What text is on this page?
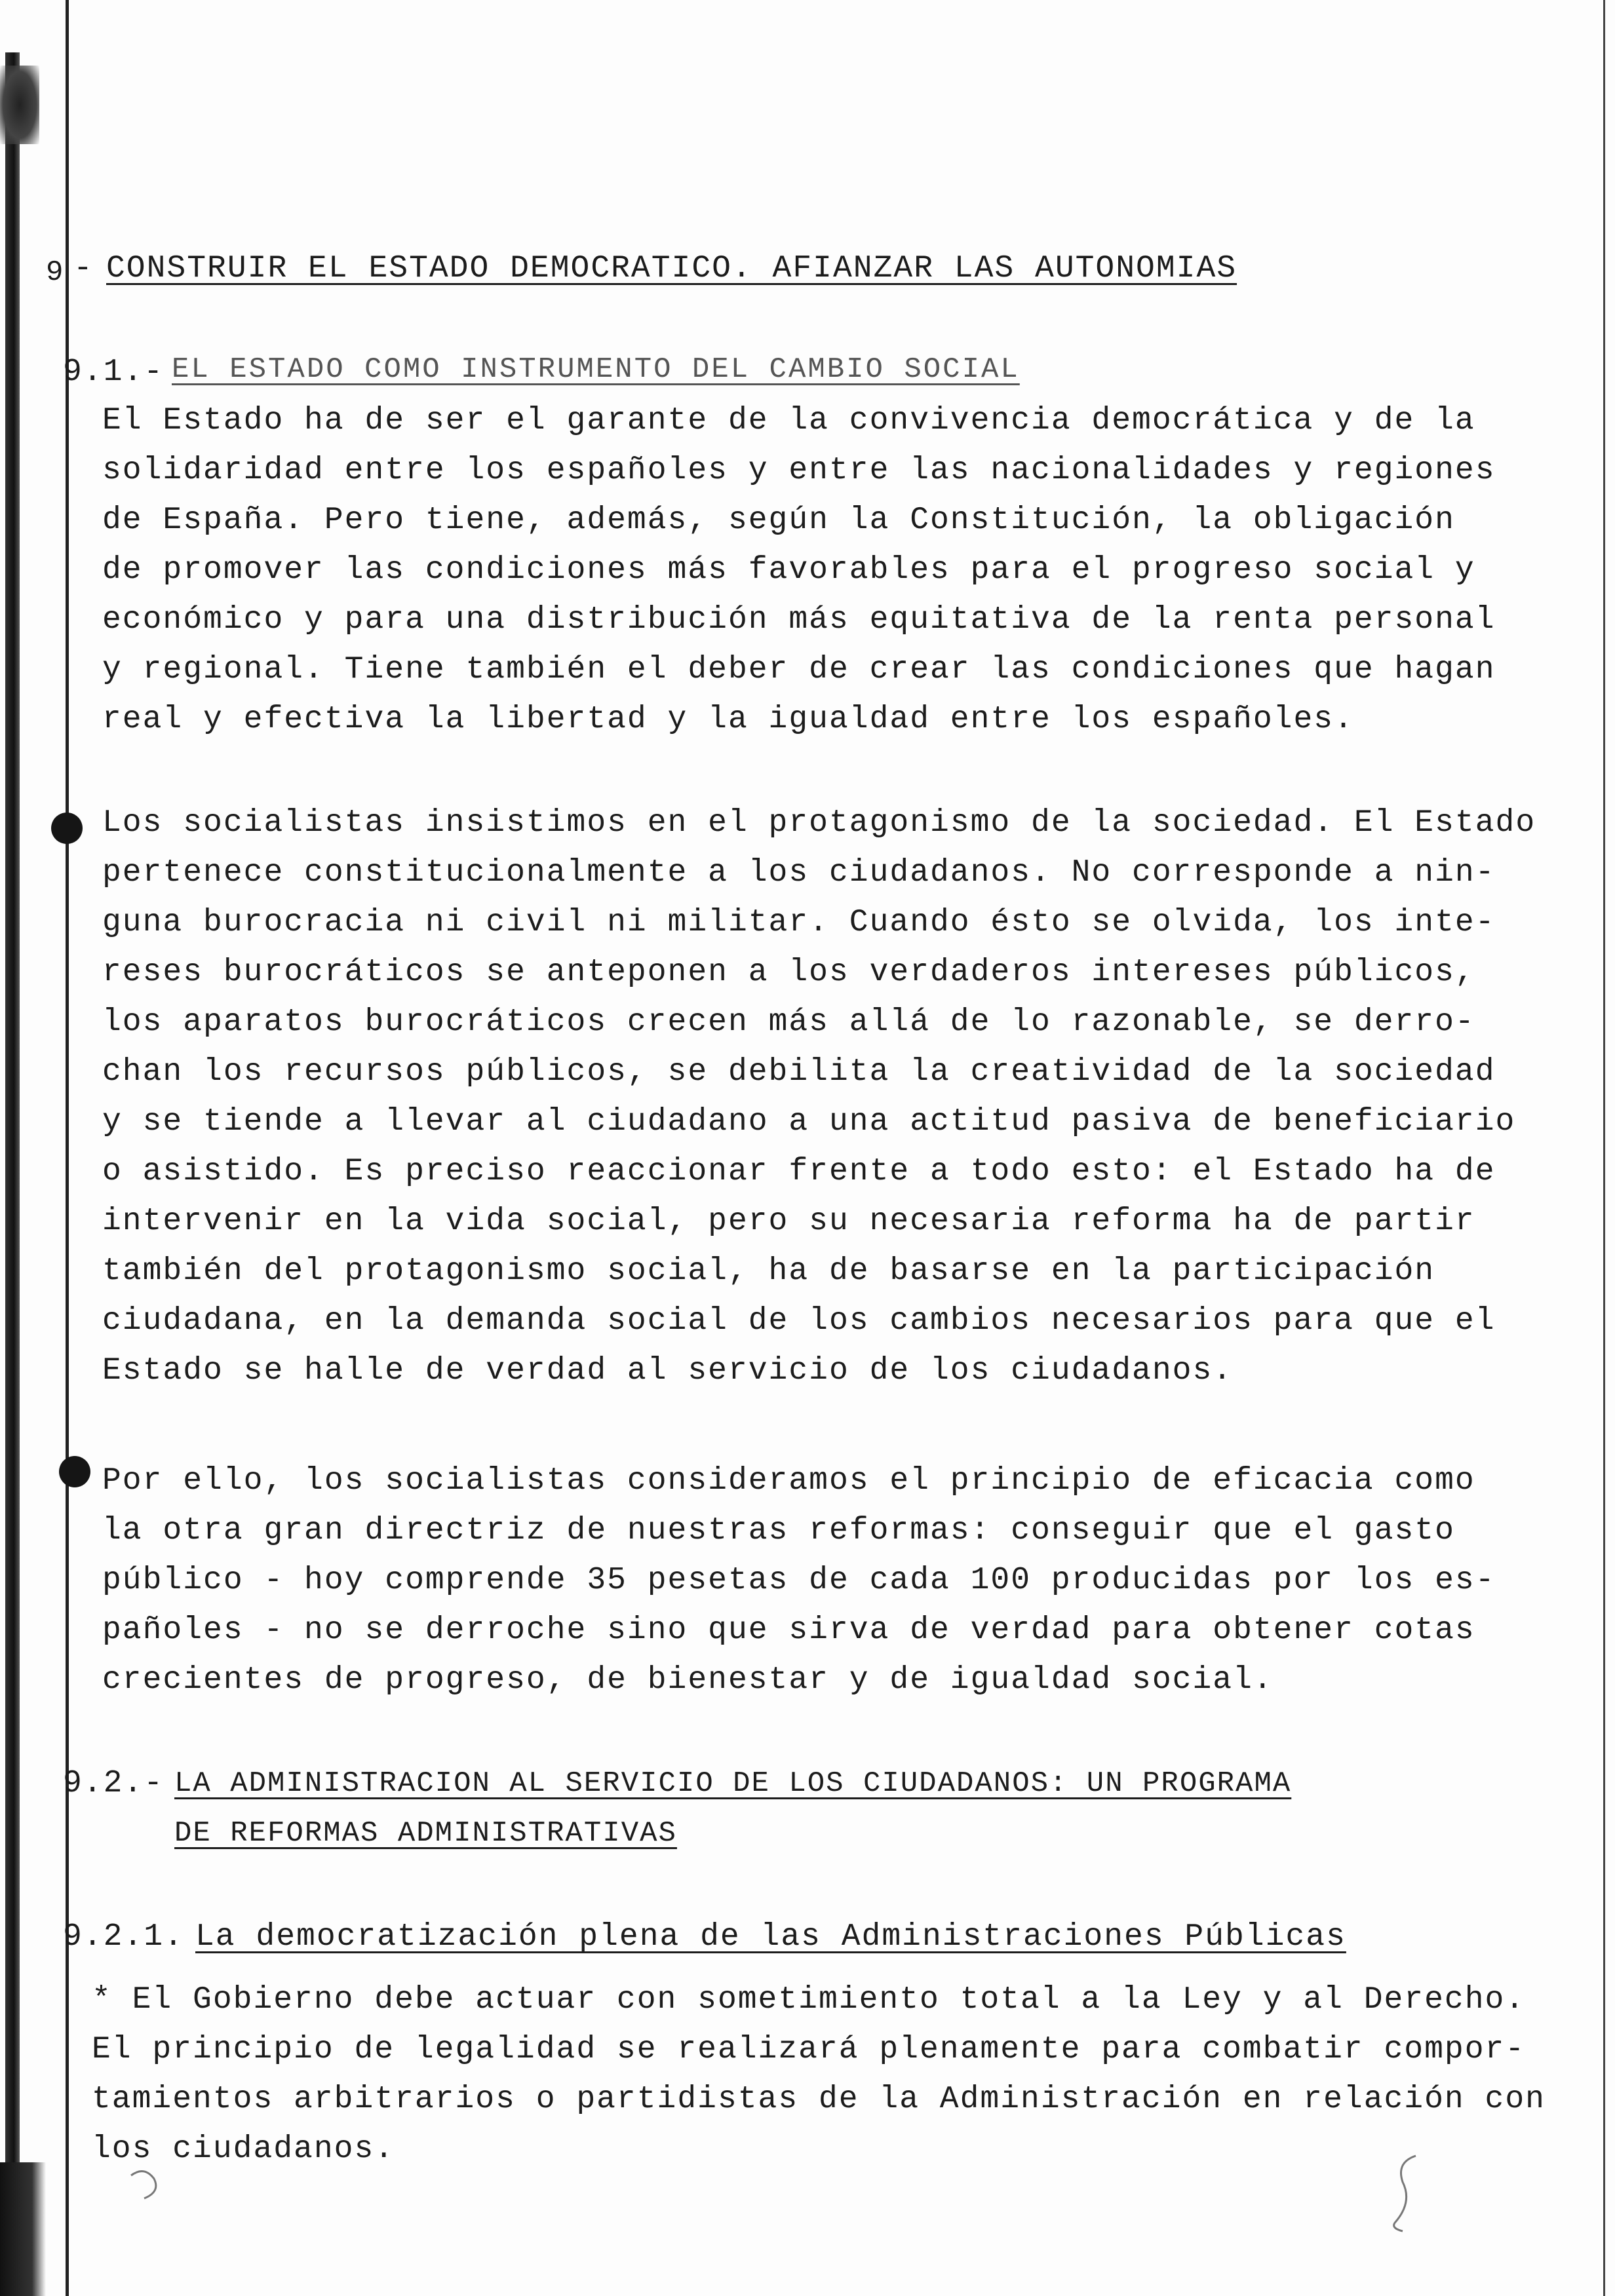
9 - CONSTRUIR EL ESTADO DEMOCRATICO. AFIANZAR LAS AUTONOMIAS

9.1.- EL ESTADO COMO INSTRUMENTO DEL CAMBIO SOCIAL

El Estado ha de ser el garante de la convivencia democrática y de la

solidaridad entre los españoles y entre las nacionalidades y regiones

de España. Pero tiene, además, según la Constitución, la obligación

de promover las condiciones más favorables para el progreso social y

económico y para una distribución más equitativa de la renta personal

y regional. Tiene también el deber de crear las condiciones que hagan

real y efectiva la libertad y la igualdad entre los españoles.

Los socialistas insistimos en el protagonismo de la sociedad. El Estado

pertenece constitucionalmente a los ciudadanos. No corresponde a nin-

guna burocracia ni civil ni militar. Cuando ésto se olvida, los inte-

reses burocráticos se anteponen a los verdaderos intereses públicos,

los aparatos burocráticos crecen más allá de lo razonable, se derro-

chan los recursos públicos, se debilita la creatividad de la sociedad

y se tiende a llevar al ciudadano a una actitud pasiva de beneficiario

o asistido. Es preciso reaccionar frente a todo esto: el Estado ha de

intervenir en la vida social, pero su necesaria reforma ha de partir

también del protagonismo social, ha de basarse en la participación

ciudadana, en la demanda social de los cambios necesarios para que el

Estado se halle de verdad al servicio de los ciudadanos.

Por ello, los socialistas consideramos el principio de eficacia como

la otra gran directriz de nuestras reformas: conseguir que el gasto

público - hoy comprende 35 pesetas de cada 100 producidas por los es-

pañoles - no se derroche sino que sirva de verdad para obtener cotas

crecientes de progreso, de bienestar y de igualdad social.

9.2.- LA ADMINISTRACION AL SERVICIO DE LOS CIUDADANOS: UN PROGRAMA

DE REFORMAS ADMINISTRATIVAS

9.2.1. La democratización plena de las Administraciones Públicas

* El Gobierno debe actuar con sometimiento total a la Ley y al Derecho.

El principio de legalidad se realizará plenamente para combatir compor-

tamientos arbitrarios o partidistas de la Administración en relación con

los ciudadanos.
